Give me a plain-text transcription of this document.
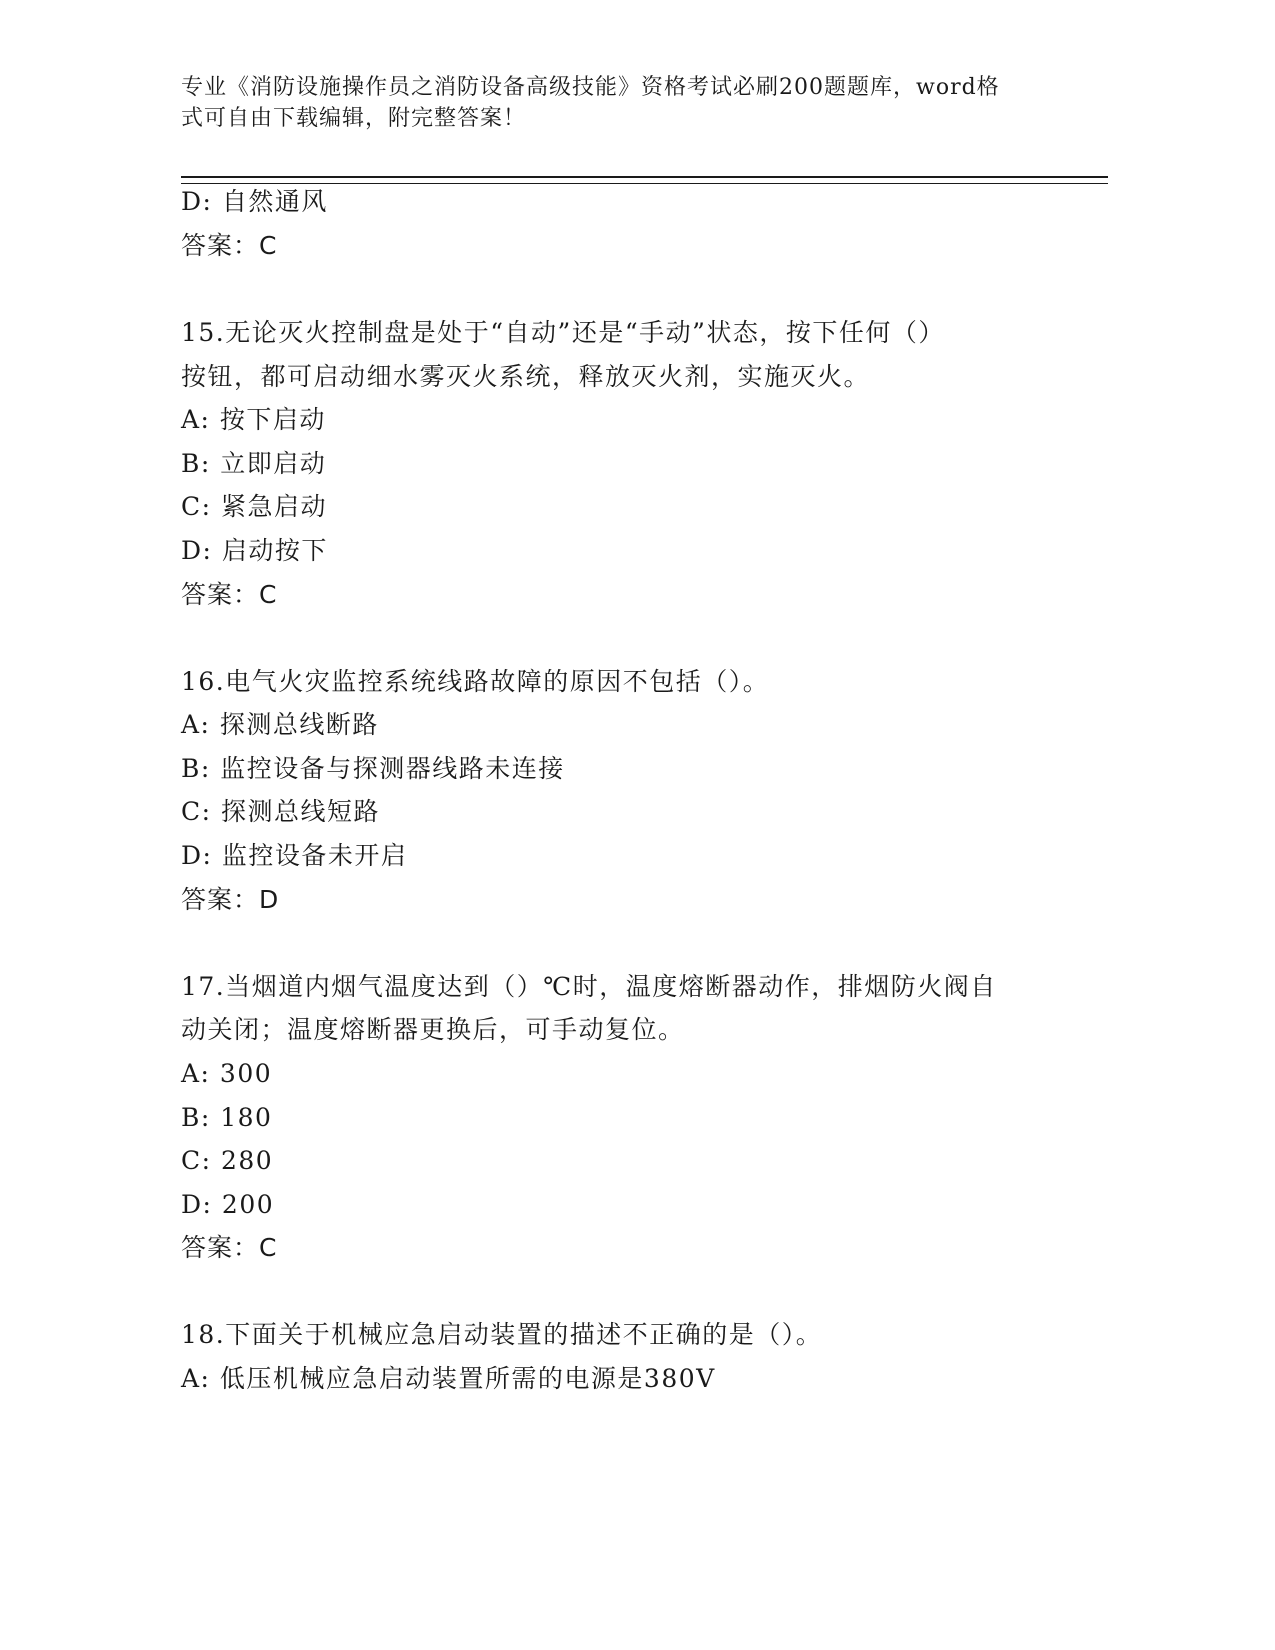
专业《消防设施操作员之消防设备高级技能》资格考试必刷200题题库，word格
式可自由下载编辑，附完整答案！
D: 自然通风
答案：C
15.无论灭火控制盘是处于“自动”还是“手动”状态，按下任何（）
按钮，都可启动细水雾灭火系统，释放灭火剂，实施灭火。
A: 按下启动
B: 立即启动
C: 紧急启动
D: 启动按下
答案：C
16.电气火灾监控系统线路故障的原因不包括（）。
A: 探测总线断路
B: 监控设备与探测器线路未连接
C: 探测总线短路
D: 监控设备未开启
答案：D
17.当烟道内烟气温度达到（）℃时，温度熔断器动作，排烟防火阀自
动关闭；温度熔断器更换后，可手动复位。
A: 300
B: 180
C: 280
D: 200
答案：C
18.下面关于机械应急启动装置的描述不正确的是（）。
A: 低压机械应急启动装置所需的电源是380V
